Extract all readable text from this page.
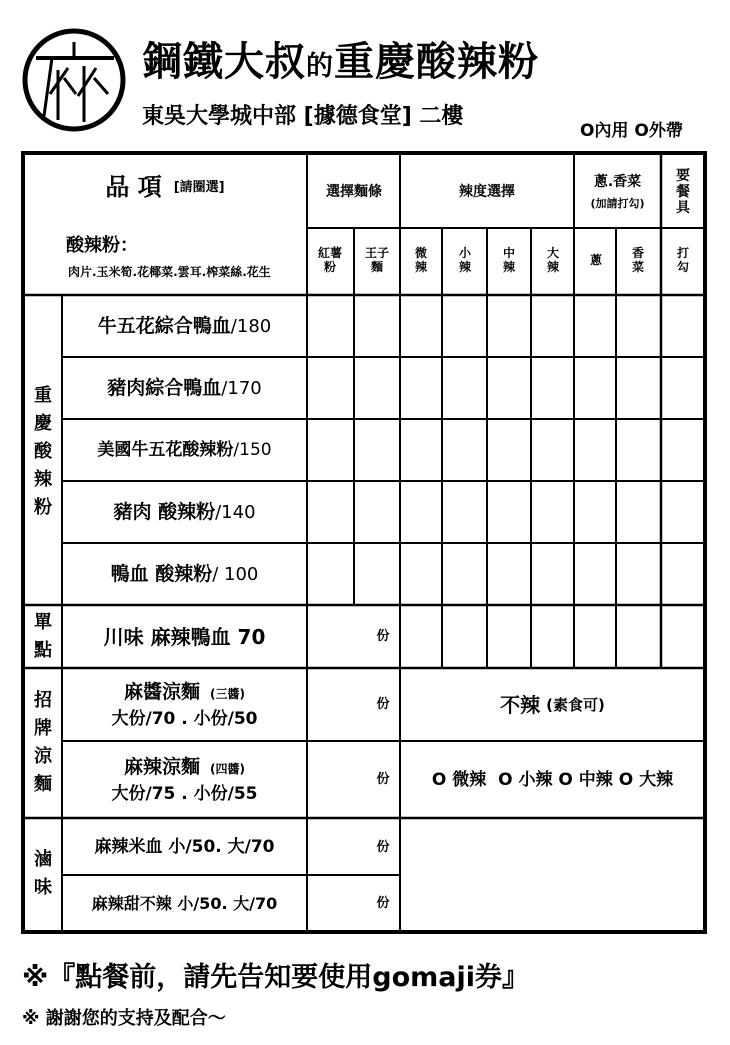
鋼鐵大叔的重慶酸辣粉
東吳大學城中部 [據德食堂] 二樓
O內用 O外帶
品 項 [請圈選]
酸辣粉：
肉片.玉米筍.花椰菜.雲耳.榨菜絲.花生
選擇麵條	辣度選擇
蔥.香菜
(加請打勾)
要餐具
紅薯粉
王子麵
微辣
小辣
中辣
大辣	蔥 香菜
打勾
重慶酸辣粉
單點
招牌涼麵
滷味
牛五花綜合鴨血 /180
豬肉綜合鴨血 /170
美國牛五花酸辣粉 /150
豬肉 酸辣粉 /140
鴨血 酸辣粉 / 100
川味 麻辣鴨血 70
麻醬涼麵 (三醬)
大份/70 . 小份/50
麻辣涼麵 (四醬)
大份/75 . 小份/55
麻辣米血 小/50. 大/70
麻辣甜不辣 小/50. 大/70
份
份
份
份
份
不辣 (素食可)
O 微辣  O 小辣 O 中辣 O 大辣
※『點餐前，請先告知要使用gomaji券』
※ 謝謝您的支持及配合～
